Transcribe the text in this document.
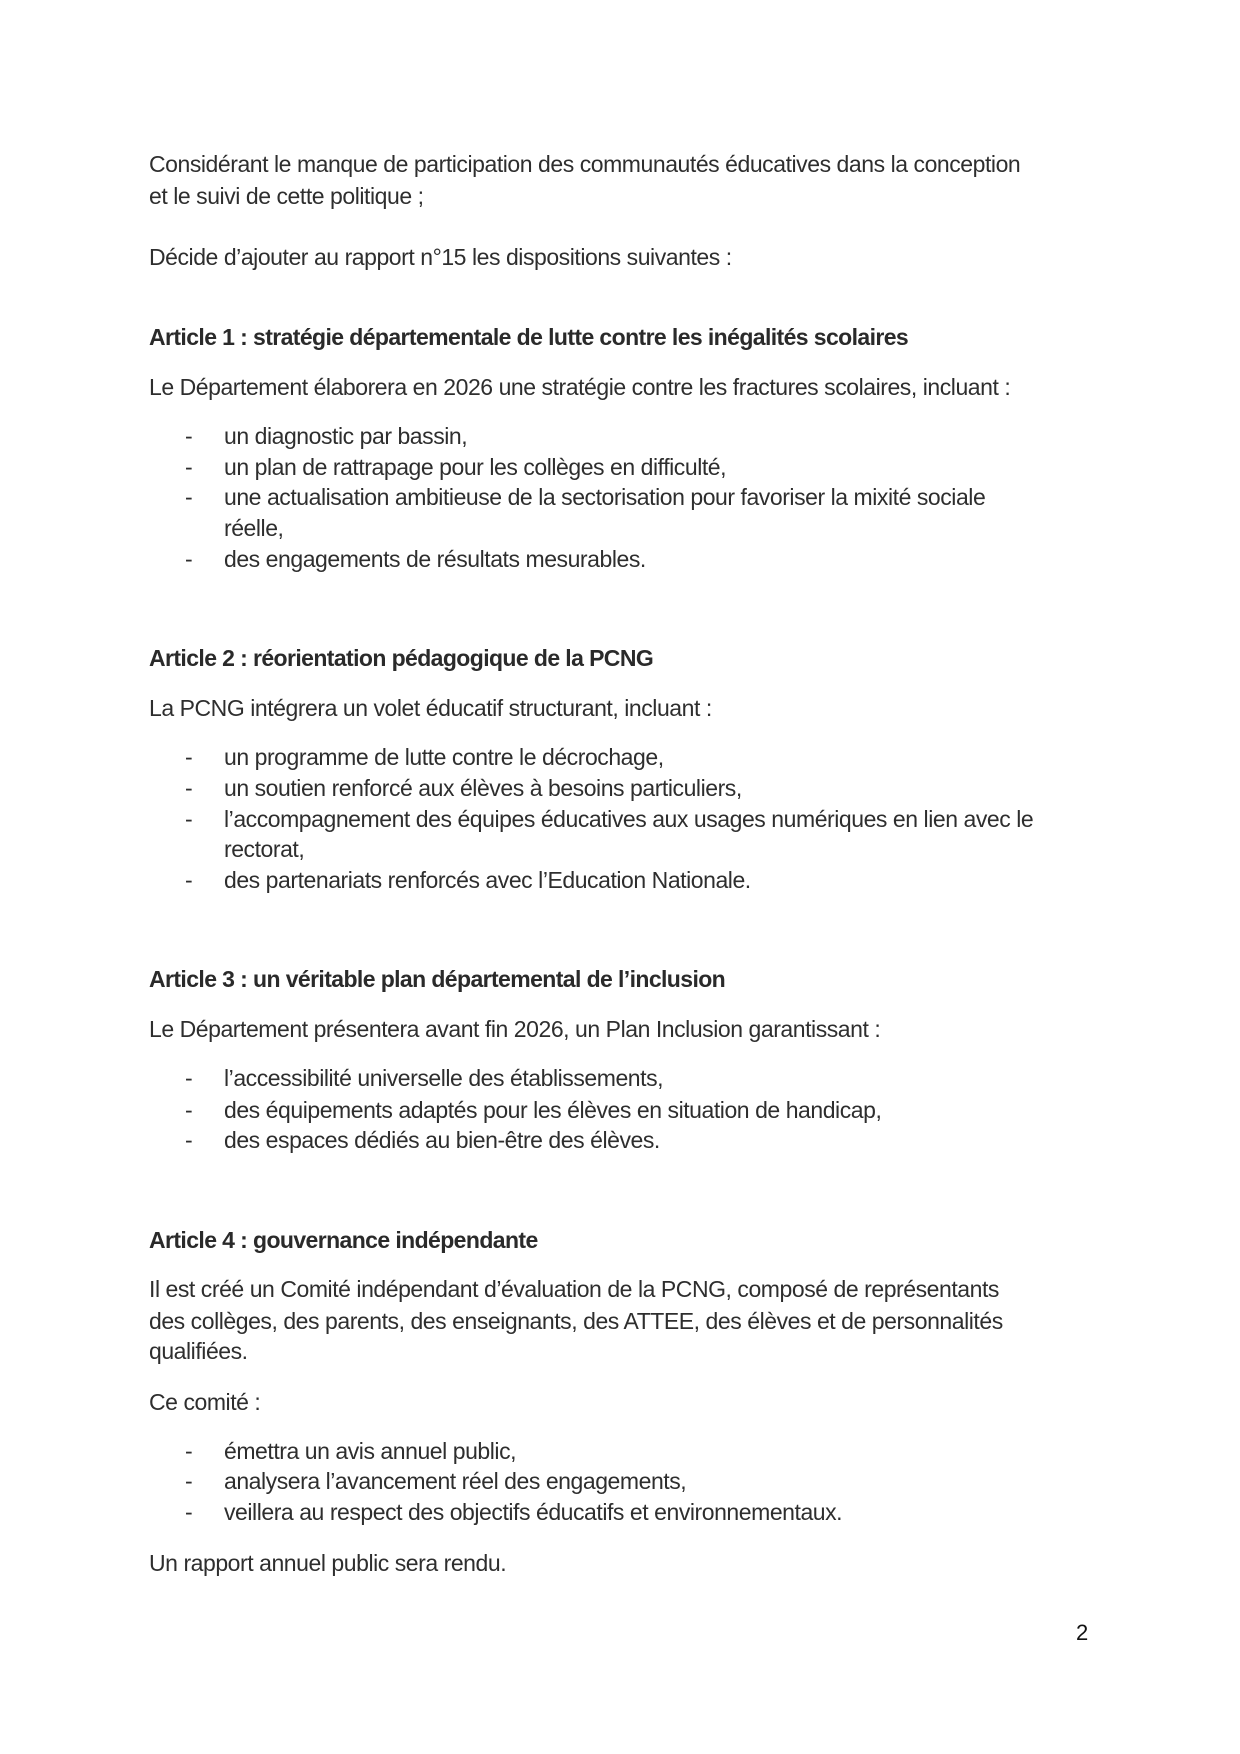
Considérant le manque de participation des communautés éducatives dans la conception
et le suivi de cette politique ;
Décide d’ajouter au rapport n°15 les dispositions suivantes :
Article 1 : stratégie départementale de lutte contre les inégalités scolaires
Le Département élaborera en 2026 une stratégie contre les fractures scolaires, incluant :
- un diagnostic par bassin,
- un plan de rattrapage pour les collèges en difficulté,
- une actualisation ambitieuse de la sectorisation pour favoriser la mixité sociale
réelle,
- des engagements de résultats mesurables.
Article 2 : réorientation pédagogique de la PCNG
La PCNG intégrera un volet éducatif structurant, incluant :
- un programme de lutte contre le décrochage,
- un soutien renforcé aux élèves à besoins particuliers,
- l’accompagnement des équipes éducatives aux usages numériques en lien avec le
rectorat,
- des partenariats renforcés avec l’Education Nationale.
Article 3 : un véritable plan départemental de l’inclusion
Le Département présentera avant fin 2026, un Plan Inclusion garantissant :
- l’accessibilité universelle des établissements,
- des équipements adaptés pour les élèves en situation de handicap,
- des espaces dédiés au bien-être des élèves.
Article 4 : gouvernance indépendante
Il est créé un Comité indépendant d’évaluation de la PCNG, composé de représentants
des collèges, des parents, des enseignants, des ATTEE, des élèves et de personnalités
qualifiées.
Ce comité :
- émettra un avis annuel public,
- analysera l’avancement réel des engagements,
- veillera au respect des objectifs éducatifs et environnementaux.
Un rapport annuel public sera rendu.
2
